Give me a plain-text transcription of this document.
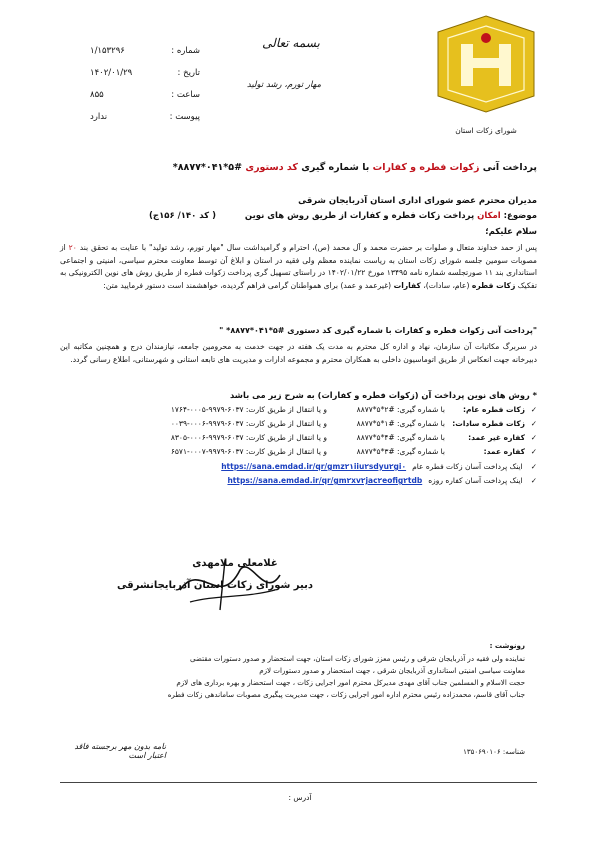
شماره :
۱/۱۵۳۲۹۶
تاریخ :
۱۴۰۲/۰۱/۲۹
ساعت :
۸۵۵
پیوست :
ندارد
بسمه تعالی
مهار تورم، رشد تولید
شورای زکات استان
پرداخت آنی زکوات فطره و کفارات با شماره گیری کد دستوری #۵*۰۴۱*۸۸۷۷*
مدیران محترم عضو شورای اداری استان آذربایجان شرقی
موضوع: امکان پرداخت زکات فطره و کفارات از طریق روش های نوین ( کد ۱۴۰/ ۱۵۶ج)
سلام علیکم؛
پس از حمد خداوند متعال و صلوات بر حضرت محمد و آل محمد (ص)، احترام و گرامیداشت سال "مهار تورم، رشد تولید" با عنایت به تحقق بند ۲۰ از مصوبات سومین جلسه شورای زکات استان به ریاست نماینده معظم ولی فقیه در استان و ابلاغ آن توسط معاونت محترم سیاسی، امنیتی و اجتماعی استانداری بند ۱۱ صورتجلسه شماره نامه ۱۳۴۹۵ مورخ ۱۴۰۲/۰۱/۲۲ در راستای تسهیل گری پرداخت زکوات فطره از طریق روش های نوین الکترونیکی به تفکیک زکات فطره (عام، سادات)، کفارات (غیرعمد و عمد) برای همواطنان گرامی فراهم گردیده، خواهشمند است دستور فرمایید متن:
"پرداخت آنی زکوات فطره و کفارات با شماره گیری کد دستوری #۵*۰۴۱*۸۸۷۷* "
در سربرگ مکاتبات آن سازمان، نهاد و اداره کل محترم به مدت یک هفته در جهت خدمت به محرومین جامعه، نیازمندان درج و همچنین مکاتبه این دبیرخانه جهت انعکاس از طریق اتوماسیون داخلی به همکاران محترم و مجموعه ادارات و مدیریت های تابعه استانی و شهرستانی، اطلاع رسانی گردد.
* روش های نوین پرداخت آن (زکوات فطره و کفارات) به شرح زیر می باشد
✓
زکات فطره عام:
با شماره گیری: #۲*۵*۸۸۷۷
و یا انتقال از طریق کارت: ۶۰۳۷-۹۹۷۹-۰۰۰۵-۱۷۶۴
✓
زکات فطره سادات:
با شماره گیری: #۱*۵*۸۸۷۷
و یا انتقال از طریق کارت: ۶۰۳۷-۹۹۷۹-۰۰۰۶-۰۰۳۹
✓
کفاره غیر عمد:
با شماره گیری: #۴*۵*۸۸۷۷
و یا انتقال از طریق کارت: ۶۰۳۷-۹۹۷۹-۰۰۰۶-۸۳۰۵
✓
کفاره عمد:
با شماره گیری: #۳*۵*۸۸۷۷
و یا انتقال از طریق کارت: ۶۰۳۷-۹۹۷۹-۰۰۰۷-۶۵۷۱
✓اینک پرداخت آسان زکات فطره عامhttps://sana.emdad.ir/qr/gmz۲۱iiu۲sdyu۲gi۰
✓اینک پرداخت آسان کفاره روزهhttps://sana.emdad.ir/qr/gm۲xv۲jac۲eofig۲tdb
غلامعلی ملامهدی
دبیر شورای زکات استان آذربایجانشرقی
رونوشت :
نماینده ولی فقیه در آذربایجان شرقی و رئیس معزز شورای زکات استان، جهت استحضار و صدور دستورات مقتضی
معاونت سیاسی امنیتی استانداری آذربایجان شرقی ، جهت استحضار و صدور دستورات لازم
حجت الاسلام و المسلمین جناب آقای مهدی مدیرکل محترم امور اجرایی زکات ، جهت استحضار و بهره برداری های لازم
جناب آقای قاسم، محمدزاده رئیس محترم اداره امور اجرایی زکات ، جهت مدیریت پیگیری مصوبات ساماندهی زکات فطره
نامه بدون مهر برجسته فاقد اعتبار است	شناسه: ۱۳۵۰۶۹۰۱۰۶
آدرس :
